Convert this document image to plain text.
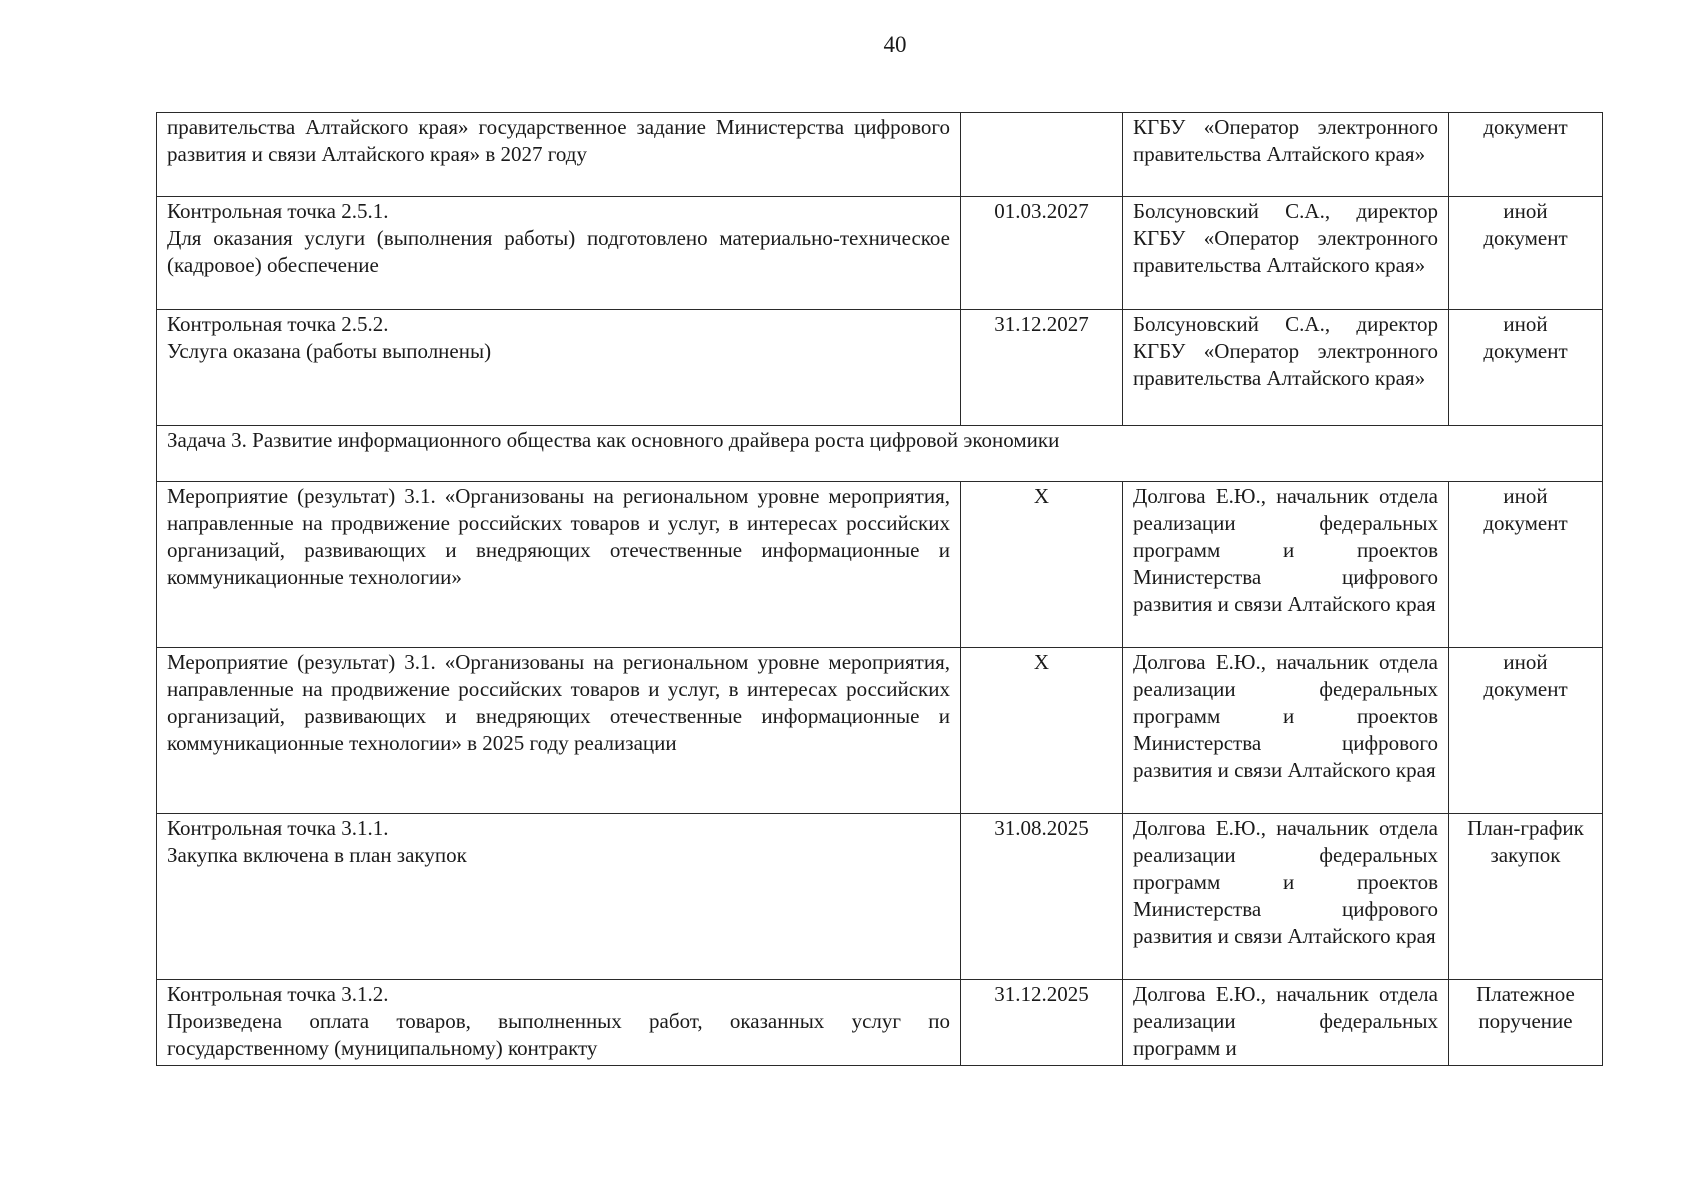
40
правительства Алтайского края» государственное задание Министерства цифрового развития и связи Алтайского края» в 2027 году		КГБУ «Оператор электронного правительства Алтайского края»	документ

Контрольная точка 2.5.1.
Для оказания услуги (выполнения работы) подготовлено материально-техническое (кадровое) обеспечение	01.03.2027	Болсуновский С.А., директор КГБУ «Оператор электронного правительства Алтайского края»	иной документ

Контрольная точка 2.5.2.
Услуга оказана (работы выполнены)	31.12.2027	Болсуновский С.А., директор КГБУ «Оператор электронного правительства Алтайского края»	иной документ
Задача 3. Развитие информационного общества как основного драйвера роста цифровой экономики			
Мероприятие (результат) 3.1. «Организованы на региональном уровне мероприятия, направленные на продвижение российских товаров и услуг, в интересах российских организаций, развивающих и внедряющих отечественные информационные и коммуникационные технологии»	X	Долгова Е.Ю., начальник отдела реализации федеральных программ и проектов Министерства цифрового развития и связи Алтайского края	иной документ
Мероприятие (результат) 3.1. «Организованы на региональном уровне мероприятия, направленные на продвижение российских товаров и услуг, в интересах российских организаций, развивающих и внедряющих отечественные информационные и коммуникационные технологии» в 2025 году реализации	X	Долгова Е.Ю., начальник отдела реализации федеральных программ и проектов Министерства цифрового развития и связи Алтайского края	иной документ

Контрольная точка 3.1.1.
Закупка включена в план закупок	31.08.2025	Долгова Е.Ю., начальник отдела реализации федеральных программ и проектов Министерства цифрового развития и связи Алтайского края	План-график закупок

Контрольная точка 3.1.2.
Произведена оплата товаров, выполненных работ, оказанных услуг по государственному (муниципальному) контракту	31.12.2025	Долгова Е.Ю., начальник отдела реализации федеральных программ и	Платежное поручение
